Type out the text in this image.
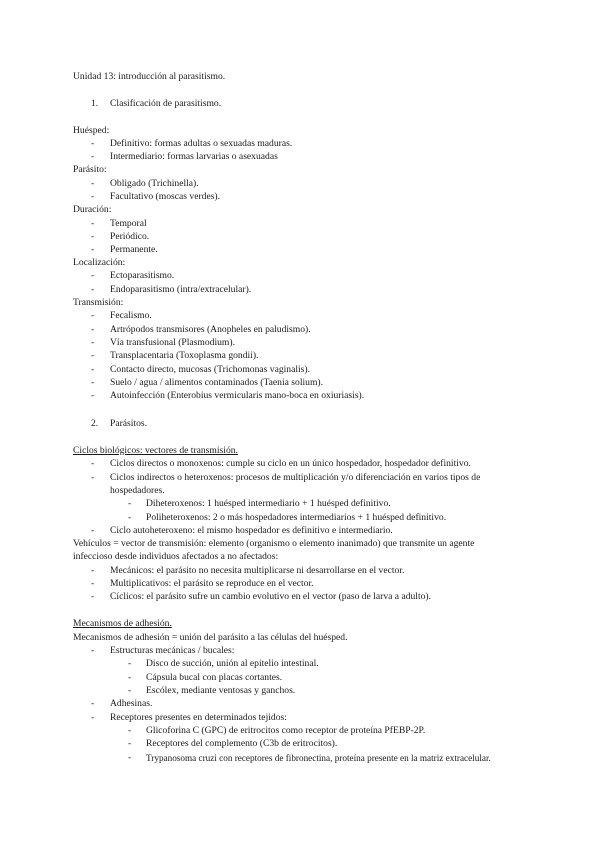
Unidad 13: introducción al parasitismo.
1. Clasificación de parasitismo.
Huésped:
- Definitivo: formas adultas o sexuadas maduras.
- Intermediario: formas larvarias o asexuadas
Parásito:
- Obligado (Trichinella).
- Facultativo (moscas verdes).
Duración:
- Temporal
- Periódico.
- Permanente.
Localización:
- Ectoparasitismo.
- Endoparasitismo (intra/extracelular).
Transmisión:
- Fecalismo.
- Artrópodos transmisores (Anopheles en paludismo).
- Vía transfusional (Plasmodium).
- Transplacentaria (Toxoplasma gondii).
- Contacto directo, mucosas (Trichomonas vaginalis).
- Suelo / agua / alimentos contaminados (Taenia solium).
- Autoinfección (Enterobius vermicularis mano-boca en oxiuriasis).
2. Parásitos.
Ciclos biológicos: vectores de transmisión.
- Ciclos directos o monoxenos: cumple su ciclo en un único hospedador, hospedador definitivo.
- Ciclos indirectos o heteroxenos: procesos de multiplicación y/o diferenciación en varios tipos de
hospedadores.
- Diheteroxenos: 1 huésped intermediario + 1 huésped definitivo.
- Poliheteroxenos: 2 o más hospedadores intermediarios + 1 huésped definitivo.
- Ciclo autoheteroxeno: el mismo hospedador es definitivo e intermediario.
Vehículos = vector de transmisión: elemento (organismo o elemento inanimado) que transmite un agente
infeccioso desde individuos afectados a no afectados:
- Mecánicos: el parásito no necesita multiplicarse ni desarrollarse en el vector.
- Multiplicativos: el parásito se reproduce en el vector.
- Cíclicos: el parásito sufre un cambio evolutivo en el vector (paso de larva a adulto).
Mecanismos de adhesión.
Mecanismos de adhesión = unión del parásito a las células del huésped.
- Estructuras mecánicas / bucales:
- Disco de succión, unión al epitelio intestinal.
- Cápsula bucal con placas cortantes.
- Escólex, mediante ventosas y ganchos.
- Adhesinas.
- Receptores presentes en determinados tejidos:
- Glicoforina C (GPC) de eritrocitos como receptor de proteína PfEBP-2P.
- Receptores del complemento (C3b de eritrocitos).
- Trypanosoma cruzi con receptores de fibronectina, proteína presente en la matriz extracelular.
